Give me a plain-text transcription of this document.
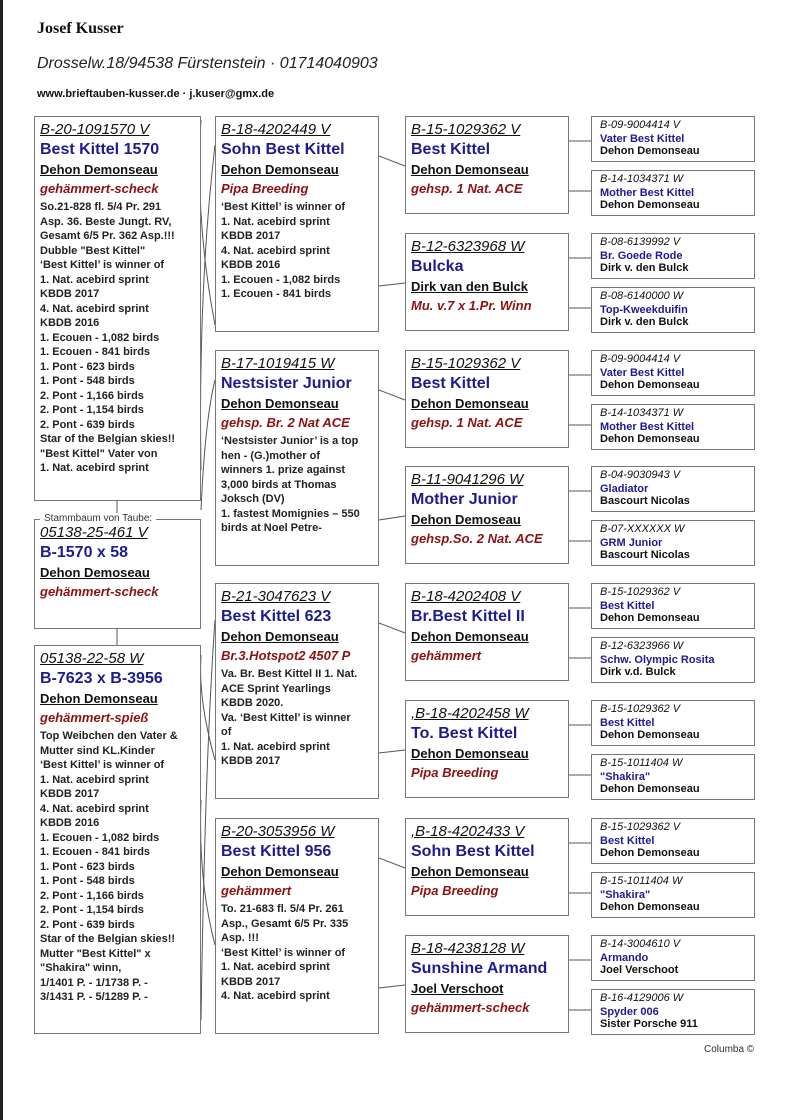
Josef Kusser
Drosselw.18/94538 Fürstenstein · 01714040903
www.brieftauben-kusser.de · j.kuser@gmx.de
B-20-1091570 V
Best Kittel 1570
Dehon Demonseau
gehämmert-scheck
So.21-828 fl. 5/4 Pr. 291
Asp. 36. Beste Jungt. RV,
Gesamt 6/5 Pr. 362 Asp.!!!
Dubble "Best Kittel"
‘Best Kittel’ is winner of
1. Nat. acebird sprint
KBDB 2017
4. Nat. acebird sprint
KBDB 2016
1. Ecouen - 1,082 birds
1. Ecouen - 841 birds
1. Pont - 623 birds
1. Pont - 548 birds
2. Pont - 1,166 birds
2. Pont - 1,154 birds
2. Pont - 639 birds
Star of the Belgian skies!!
"Best Kittel" Vater von
1. Nat. acebird sprint
05138-25-461 V
B-1570 x 58
Dehon Demoseau
gehämmert-scheck
05138-22-58 W
B-7623 x B-3956
Dehon Demonseau
gehämmert-spieß
Top Weibchen den Vater &
Mutter sind KL.Kinder
‘Best Kittel’ is winner of
1. Nat. acebird sprint
KBDB 2017
4. Nat. acebird sprint
KBDB 2016
1. Ecouen - 1,082 birds
1. Ecouen - 841 birds
1. Pont - 623 birds
1. Pont - 548 birds
2. Pont - 1,166 birds
2. Pont - 1,154 birds
2. Pont - 639 birds
Star of the Belgian skies!!
Mutter "Best Kittel" x
"Shakira" winn,
1/1401 P. - 1/1738 P. -
3/1431 P. - 5/1289 P. -
B-18-4202449 V
Sohn Best Kittel
Dehon Demonseau
Pipa Breeding
‘Best Kittel’ is winner of
1. Nat. acebird sprint
KBDB 2017
4. Nat. acebird sprint
KBDB 2016
1. Ecouen - 1,082 birds
1. Ecouen - 841 birds
B-17-1019415 W
Nestsister Junior
Dehon Demonseau
gehsp. Br. 2 Nat ACE
‘Nestsister Junior’ is a top
hen - (G.)mother of
winners 1. prize against
3,000 birds at Thomas
Joksch (DV)
1. fastest Momignies – 550
birds at Noel Petre-
B-21-3047623 V
Best Kittel 623
Dehon Demonseau
Br.3.Hotspot2 4507 P
Va. Br. Best Kittel II 1. Nat.
ACE Sprint Yearlings
KBDB 2020.
Va. ‘Best Kittel’ is winner
of
1. Nat. acebird sprint
KBDB 2017
B-20-3053956 W
Best Kittel 956
Dehon Demonseau
gehämmert
To. 21-683 fl. 5/4 Pr. 261
Asp., Gesamt 6/5 Pr. 335
Asp. !!!
‘Best Kittel’ is winner of
1. Nat. acebird sprint
KBDB 2017
4. Nat. acebird sprint
B-15-1029362 V
Best Kittel
Dehon Demonseau
gehsp. 1 Nat. ACE
B-12-6323968 W
Bulcka
Dirk van den Bulck
Mu. v.7 x 1.Pr. Winn
B-15-1029362 V
Best Kittel
Dehon Demonseau
gehsp. 1 Nat. ACE
B-11-9041296 W
Mother Junior
Dehon Demoseau
gehsp.So. 2 Nat. ACE
B-18-4202408 V
Br.Best Kittel II
Dehon Demonseau
gehämmert
,B-18-4202458 W
To. Best Kittel
Dehon Demonseau
Pipa Breeding
,B-18-4202433 V
Sohn Best Kittel
Dehon Demonseau
Pipa Breeding
B-18-4238128 W
Sunshine Armand
Joel Verschoot
gehämmert-scheck
B-09-9004414 V
Vater Best Kittel
Dehon Demonseau
B-14-1034371 W
Mother Best Kittel
Dehon Demonseau
B-08-6139992 V
Br. Goede Rode
Dirk v. den Bulck
B-08-6140000 W
Top-Kweekduifin
Dirk v. den Bulck
B-09-9004414 V
Vater Best Kittel
Dehon Demonseau
B-14-1034371 W
Mother Best Kittel
Dehon Demonseau
B-04-9030943 V
Gladiator
Bascourt Nicolas
B-07-XXXXXX W
GRM Junior
Bascourt Nicolas
B-15-1029362 V
Best Kittel
Dehon Demonseau
B-12-6323966 W
Schw. Olympic Rosita
Dirk v.d. Bulck
B-15-1029362 V
Best Kittel
Dehon Demonseau
B-15-1011404 W
"Shakira"
Dehon Demonseau
B-15-1029362 V
Best Kittel
Dehon Demonseau
B-15-1011404 W
"Shakira"
Dehon Demonseau
B-14-3004610 V
Armando
Joel Verschoot
B-16-4129006 W
Spyder 006
Sister Porsche 911
Stammbaum von Taube:
Columba ©
